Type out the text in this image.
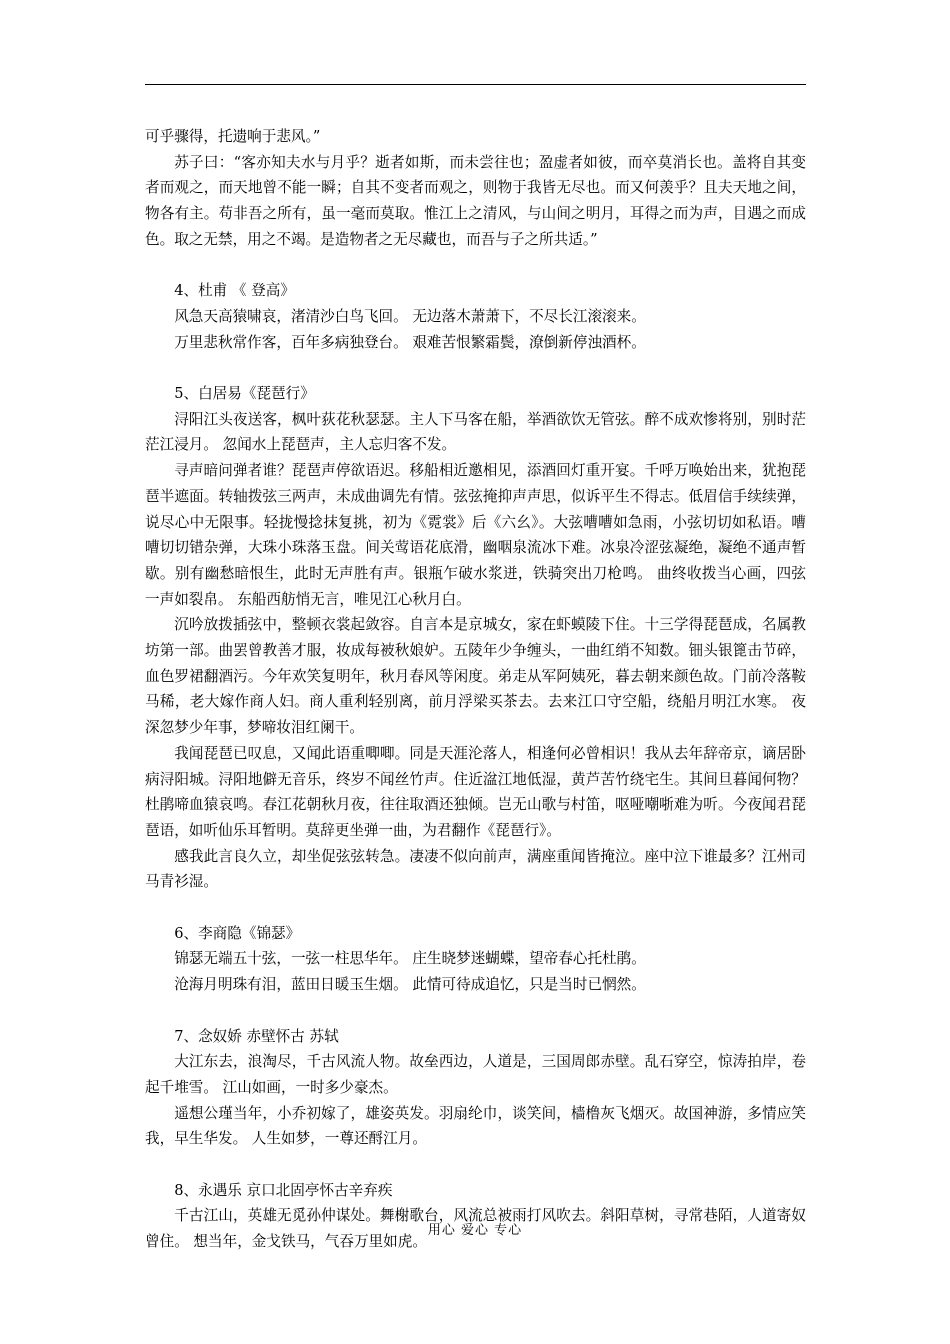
可乎骤得，托遗响于悲风。”

苏子曰：“客亦知夫水与月乎？逝者如斯，而未尝往也；盈虚者如彼，而卒莫消长也。盖将自其变者而观之，而天地曾不能一瞬；自其不变者而观之，则物于我皆无尽也。而又何羡乎？且夫天地之间，物各有主。苟非吾之所有，虽一毫而莫取。惟江上之清风，与山间之明月，耳得之而为声，目遇之而成色。取之无禁，用之不竭。是造物者之无尽藏也，而吾与子之所共适。”

4、杜甫 《 登高》

风急天高猿啸哀，渚清沙白鸟飞回。 无边落木萧萧下，不尽长江滚滚来。

万里悲秋常作客，百年多病独登台。 艰难苦恨繁霜鬓，潦倒新停浊酒杯。

5、白居易《琵琶行》

浔阳江头夜送客，枫叶荻花秋瑟瑟。主人下马客在船，举酒欲饮无管弦。醉不成欢惨将别，别时茫茫江浸月。 忽闻水上琵琶声，主人忘归客不发。

寻声暗问弹者谁？琵琶声停欲语迟。移船相近邀相见，添酒回灯重开宴。千呼万唤始出来，犹抱琵琶半遮面。转轴拨弦三两声，未成曲调先有情。弦弦掩抑声声思，似诉平生不得志。低眉信手续续弹，说尽心中无限事。轻拢慢捻抹复挑，初为《霓裳》后《六幺》。大弦嘈嘈如急雨，小弦切切如私语。嘈嘈切切错杂弹，大珠小珠落玉盘。间关莺语花底滑，幽咽泉流冰下难。冰泉冷涩弦凝绝，凝绝不通声暂歇。别有幽愁暗恨生，此时无声胜有声。银瓶乍破水浆迸，铁骑突出刀枪鸣。 曲终收拨当心画，四弦一声如裂帛。 东船西舫悄无言，唯见江心秋月白。

沉吟放拨插弦中，整顿衣裳起敛容。自言本是京城女，家在虾蟆陵下住。十三学得琵琶成，名属教坊第一部。曲罢曾教善才服，妆成每被秋娘妒。五陵年少争缠头，一曲红绡不知数。钿头银篦击节碎，血色罗裙翻酒污。今年欢笑复明年，秋月春风等闲度。弟走从军阿姨死，暮去朝来颜色故。门前冷落鞍马稀，老大嫁作商人妇。商人重利轻别离，前月浮梁买茶去。去来江口守空船，绕船月明江水寒。 夜深忽梦少年事，梦啼妆泪红阑干。

我闻琵琶已叹息，又闻此语重唧唧。同是天涯沦落人，相逢何必曾相识！我从去年辞帝京，谪居卧病浔阳城。浔阳地僻无音乐，终岁不闻丝竹声。住近湓江地低湿，黄芦苦竹绕宅生。其间旦暮闻何物？杜鹃啼血猿哀鸣。春江花朝秋月夜，往往取酒还独倾。岂无山歌与村笛，呕哑嘲哳难为听。今夜闻君琵琶语，如听仙乐耳暂明。莫辞更坐弹一曲，为君翻作《琵琶行》。

感我此言良久立，却坐促弦弦转急。凄凄不似向前声，满座重闻皆掩泣。座中泣下谁最多？江州司马青衫湿。

6、李商隐《锦瑟》

锦瑟无端五十弦，一弦一柱思华年。 庄生晓梦迷蝴蝶，望帝春心托杜鹃。

沧海月明珠有泪，蓝田日暖玉生烟。 此情可待成追忆，只是当时已惘然。

7、念奴娇 赤壁怀古 苏轼

大江东去，浪淘尽，千古风流人物。故垒西边，人道是，三国周郎赤壁。乱石穿空，惊涛拍岸，卷起千堆雪。 江山如画，一时多少豪杰。

遥想公瑾当年，小乔初嫁了，雄姿英发。羽扇纶巾，谈笑间，樯橹灰飞烟灭。故国神游，多情应笑我，早生华发。 人生如梦，一尊还酹江月。

8、永遇乐 京口北固亭怀古辛弃疾

千古江山，英雄无觅孙仲谋处。舞榭歌台，风流总被雨打风吹去。斜阳草树，寻常巷陌，人道寄奴曾住。 想当年，金戈铁马，气吞万里如虎。

用心 爱心 专心
